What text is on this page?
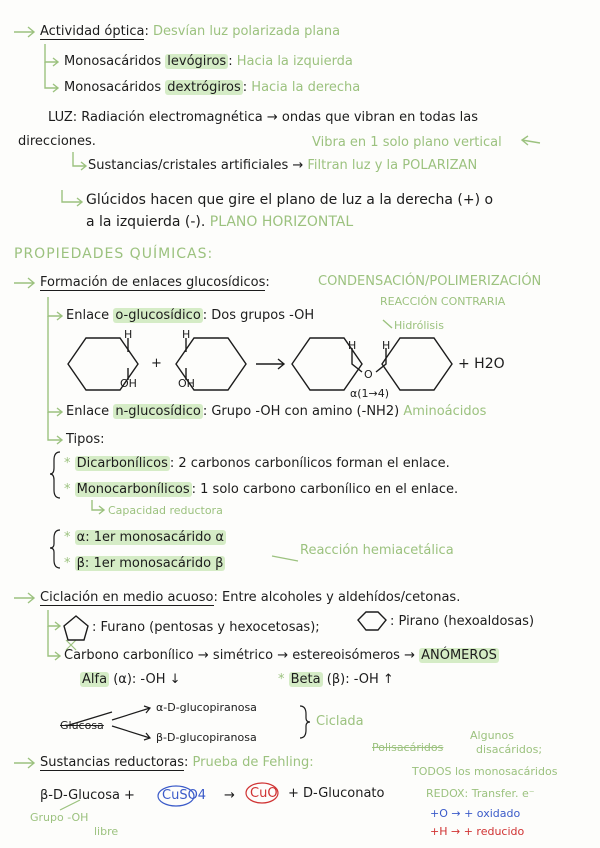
Actividad óptica: Desvían luz polarizada plana
Monosacáridos levógiros : Hacia la izquierda
Monosacáridos dextrógiros : Hacia la derecha
LUZ: Radiación electromagnética → ondas que vibran en todas las
direcciones.	Vibra en 1 solo plano vertical
Sustancias/cristales artificiales → Filtran luz y la POLARIZAN
Glúcidos hacen que gire el plano de luz a la derecha (+) o
a la izquierda (-). PLANO HORIZONTAL
PROPIEDADES QUÍMICAS:
Formación de enlaces glucosídicos:	CONDENSACIÓN/POLIMERIZACIÓN
REACCIÓN CONTRARIA
Hidrólisis
Enlace o-glucosídico : Dos grupos -OH
H
OH
+
H
OH
H H
O
α(1→4)
+ H2O
Enlace n-glucosídico : Grupo -OH con amino (-NH2) Aminoácidos
Tipos:
* Dicarbonílicos : 2 carbonos carbonílicos forman el enlace.
* Monocarbonílicos : 1 solo carbono carbonílico en el enlace.
Capacidad reductora
* α: 1er monosacárido α
* β: 1er monosacárido β
Reacción hemiacetálica
Ciclación en medio acuoso: Entre alcoholes y aldehídos/cetonas.
: Furano (pentosas y hexocetosas);	: Pirano (hexoaldosas)
Carbono carbonílico → simétrico → estereoisómeros → ANÓMEROS
Alfa (α): -OH ↓	* Beta (β): -OH ↑
Glucosa
α-D-glucopiranosa
β-D-glucopiranosa
Ciclada
Sustancias reductoras: Prueba de Fehling:
Polisacáridos
Algunos
disacáridos;
TODOS los monosacáridos
β-D-Glucosa + CuSO4 → CuO + D-Gluconato
Grupo -OH
libre
REDOX: Transfer. e⁻
+O → + oxidado
+H → + reducido
